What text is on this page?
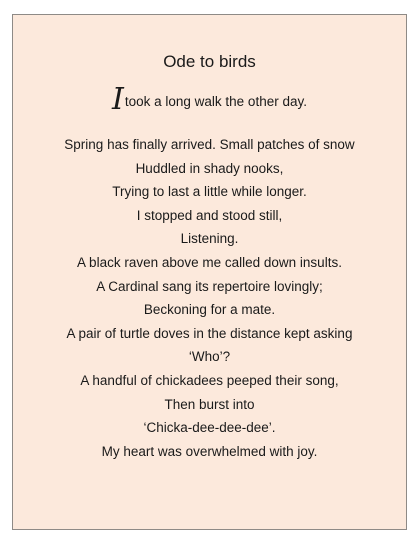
Ode to birds
Itook a long walk the other day.
Spring has finally arrived. Small patches of snow
Huddled in shady nooks,
Trying to last a little while longer.
I stopped and stood still,
Listening.
A black raven above me called down insults.
A Cardinal sang its repertoire lovingly;
Beckoning for a mate.
A pair of turtle doves in the distance kept asking
‘Who’?
A handful of chickadees peeped their song,
Then burst into
‘Chicka-dee-dee-dee’.
My heart was overwhelmed with joy.
